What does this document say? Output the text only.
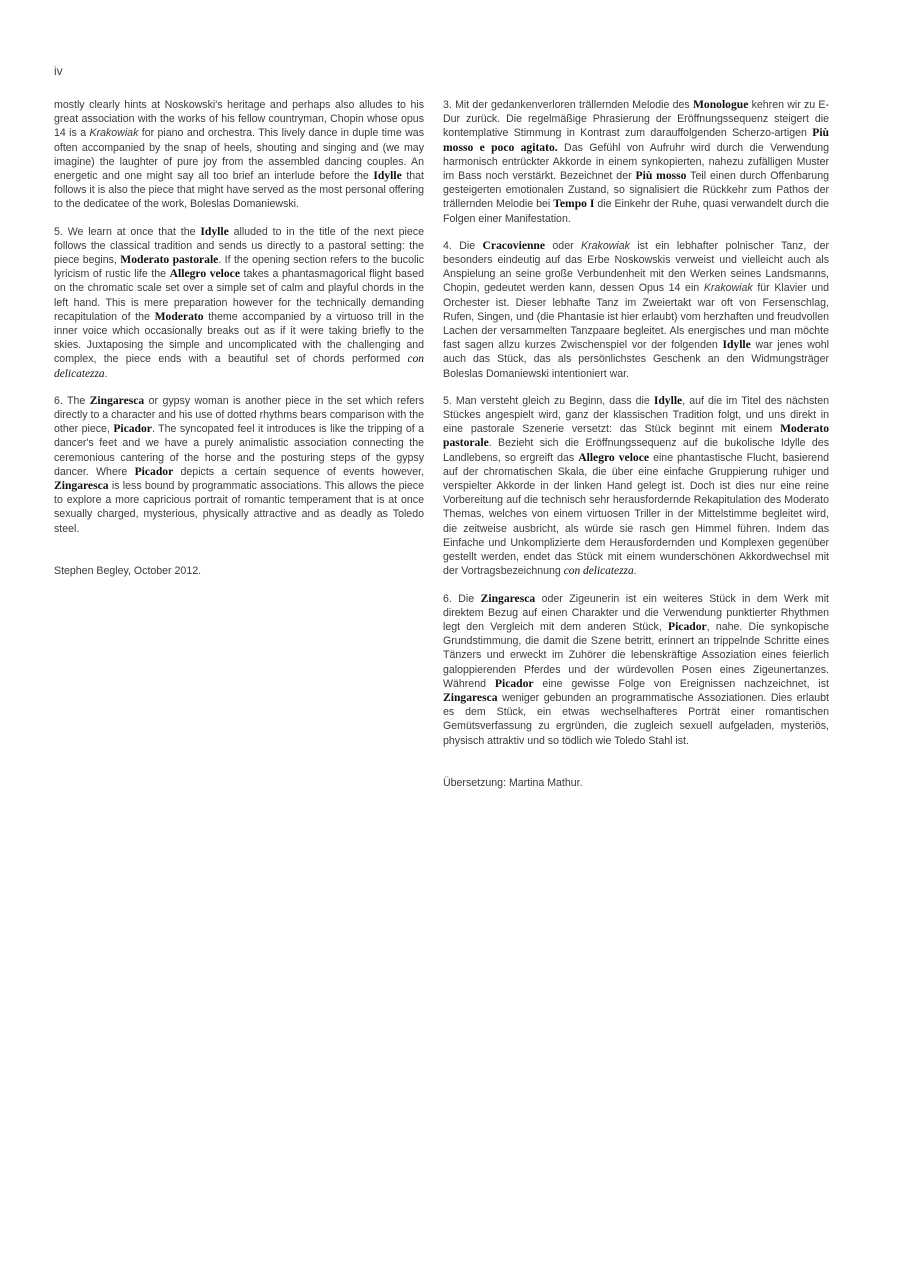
iv

mostly clearly hints at Noskowski's heritage and perhaps also alludes to his great association with the works of his fellow countryman, Chopin whose opus 14 is a Krakowiak for piano and orchestra. This lively dance in duple time was often accompanied by the snap of heels, shouting and singing and (we may imagine) the laughter of pure joy from the assembled dancing couples. An energetic and one might say all too brief an interlude before the Idylle that follows it is also the piece that might have served as the most personal offering to the dedicatee of the work, Boleslas Domaniewski.

5. We learn at once that the Idylle alluded to in the title of the next piece follows the classical tradition and sends us directly to a pastoral setting: the piece begins, Moderato pastorale. If the opening section refers to the bucolic lyricism of rustic life the Allegro veloce takes a phantasmagorical flight based on the chromatic scale set over a simple set of calm and playful chords in the left hand. This is mere preparation however for the technically demanding recapitulation of the Moderato theme accompanied by a virtuoso trill in the inner voice which occasionally breaks out as if it were taking briefly to the skies. Juxtaposing the simple and uncomplicated with the challenging and complex, the piece ends with a beautiful set of chords performed con delicatezza.

6. The Zingaresca or gypsy woman is another piece in the set which refers directly to a character and his use of dotted rhythms bears comparison with the other piece, Picador. The syncopated feel it introduces is like the tripping of a dancer's feet and we have a purely animalistic association connecting the ceremonious cantering of the horse and the posturing steps of the gypsy dancer. Where Picador depicts a certain sequence of events however, Zingaresca is less bound by programmatic associations. This allows the piece to explore a more capricious portrait of romantic temperament that is at once sexually charged, mysterious, physically attractive and as deadly as Toledo steel.

Stephen Begley, October 2012.

3. Mit der gedankenverloren trällernden Melodie des Monologue kehren wir zu E-Dur zurück. Die regelmäßige Phrasierung der Eröffnungssequenz steigert die kontemplative Stimmung in Kontrast zum darauffolgenden Scherzo-artigen Più mosso e poco agitato. Das Gefühl von Aufruhr wird durch die Verwendung harmonisch entrückter Akkorde in einem synkopierten, nahezu zufälligen Muster im Bass noch verstärkt. Bezeichnet der Più mosso Teil einen durch Offenbarung gesteigerten emotionalen Zustand, so signalisiert die Rückkehr zum Pathos der trällernden Melodie bei Tempo I die Einkehr der Ruhe, quasi verwandelt durch die Folgen einer Manifestation.

4. Die Cracovienne oder Krakowiak ist ein lebhafter polnischer Tanz, der besonders eindeutig auf das Erbe Noskowskis verweist und vielleicht auch als Anspielung an seine große Verbundenheit mit den Werken seines Landsmanns, Chopin, gedeutet werden kann, dessen Opus 14 ein Krakowiak für Klavier und Orchester ist. Dieser lebhafte Tanz im Zweiertakt war oft von Fersenschlag, Rufen, Singen, und (die Phantasie ist hier erlaubt) vom herzhaften und freudvollen Lachen der versammelten Tanzpaare begleitet. Als energisches und man möchte fast sagen allzu kurzes Zwischenspiel vor der folgenden Idylle war jenes wohl auch das Stück, das als persönlichstes Geschenk an den Widmungsträger Boleslas Domaniewski intentioniert war.

5. Man versteht gleich zu Beginn, dass die Idylle, auf die im Titel des nächsten Stückes angespielt wird, ganz der klassischen Tradition folgt, und uns direkt in eine pastorale Szenerie versetzt: das Stück beginnt mit einem Moderato pastorale. Bezieht sich die Eröffnungssequenz auf die bukolische Idylle des Landlebens, so ergreift das Allegro veloce eine phantastische Flucht, basierend auf der chromatischen Skala, die über eine einfache Gruppierung ruhiger und verspielter Akkorde in der linken Hand gelegt ist. Doch ist dies nur eine reine Vorbereitung auf die technisch sehr herausfordernde Rekapitulation des Moderato Themas, welches von einem virtuosen Triller in der Mittelstimme begleitet wird, die zeitweise ausbricht, als würde sie rasch gen Himmel führen. Indem das Einfache und Unkomplizierte dem Herausfordernden und Komplexen gegenüber gestellt werden, endet das Stück mit einem wunderschönen Akkordwechsel mit der Vortragsbezeichnung con delicatezza.

6. Die Zingaresca oder Zigeunerin ist ein weiteres Stück in dem Werk mit direktem Bezug auf einen Charakter und die Verwendung punktierter Rhythmen legt den Vergleich mit dem anderen Stück, Picador, nahe. Die synkopische Grundstimmung, die damit die Szene betritt, erinnert an trippelnde Schritte eines Tänzers und erweckt im Zuhörer die lebenskräftige Assoziation eines feierlich galoppierenden Pferdes und der würdevollen Posen eines Zigeunertanzes. Während Picador eine gewisse Folge von Ereignissen nachzeichnet, ist Zingaresca weniger gebunden an programmatische Assoziationen. Dies erlaubt es dem Stück, ein etwas wechselhafteres Porträt einer romantischen Gemütsverfassung zu ergründen, die zugleich sexuell aufgeladen, mysteriös, physisch attraktiv und so tödlich wie Toledo Stahl ist.

Übersetzung: Martina Mathur.
